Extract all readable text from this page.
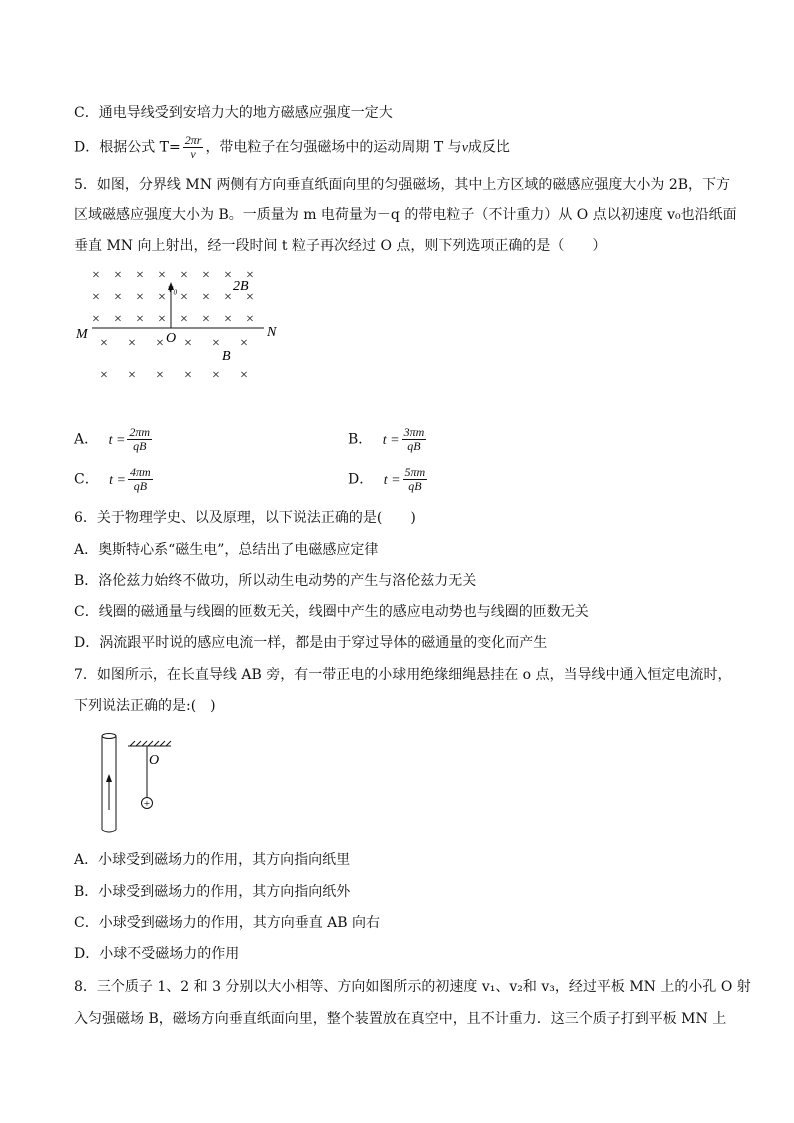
C．通电导线受到安培力大的地方磁感应强度一定大
D．根据公式 $T= \frac{2\pi r}{v}$ ，带电粒子在匀强磁场中的运动周期 T 与v成反比
5．如图，分界线 MN 两侧有方向垂直纸面向里的匀强磁场，其中上方区域的磁感应强度大小为 2B，下方
区域磁感应强度大小为 B。一质量为 m 电荷量为－q 的带电粒子（不计重力）从 O 点以初速度 v₀也沿纸面
垂直 MN 向上射出，经一段时间 t 粒子再次经过 O 点，则下列选项正确的是（　　）
× × × × × × × ×
× × × × × × × ×
× × × × × × × ×
× × × × × ×
× × × × × ×
v₀	2B
M	N
O
B
A． $t = \frac{2\pi m}{qB}$	B． $t = \frac{3\pi m}{qB}$
C． $t = \frac{4\pi m}{qB}$	D． $t = \frac{5\pi m}{qB}$
6．关于物理学史、以及原理，以下说法正确的是(　　)
A．奥斯特心系“磁生电”，总结出了电磁感应定律
B．洛伦兹力始终不做功，所以动生电动势的产生与洛伦兹力无关
C．线圈的磁通量与线圈的匝数无关，线圈中产生的感应电动势也与线圈的匝数无关
D．涡流跟平时说的感应电流一样，都是由于穿过导体的磁通量的变化而产生
7．如图所示，在长直导线 AB 旁，有一带正电的小球用绝缘细绳悬挂在 o 点，当导线中通入恒定电流时，
下列说法正确的是:(　)
O
+
A．小球受到磁场力的作用，其方向指向纸里
B．小球受到磁场力的作用，其方向指向纸外
C．小球受到磁场力的作用，其方向垂直 AB 向右
D．小球不受磁场力的作用
8．三个质子 1、2 和 3 分别以大小相等、方向如图所示的初速度 v₁、v₂和 v₃，经过平板 MN 上的小孔 O 射
入匀强磁场 B，磁场方向垂直纸面向里，整个装置放在真空中，且不计重力．这三个质子打到平板 MN 上
